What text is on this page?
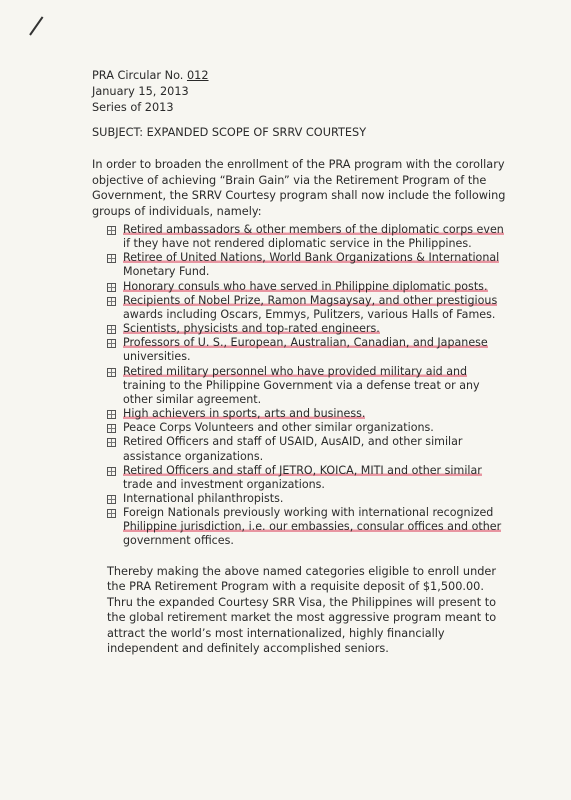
PRA Circular No. 012
January 15, 2013
Series of 2013
SUBJECT: EXPANDED SCOPE OF SRRV COURTESY
In order to broaden the enrollment of the PRA program with the corollary
objective of achieving “Brain Gain” via the Retirement Program of the
Government, the SRRV Courtesy program shall now include the following
groups of individuals, namely:
Retired ambassadors & other members of the diplomatic corps even
if they have not rendered diplomatic service in the Philippines.
Retiree of United Nations, World Bank Organizations & International
Monetary Fund.
Honorary consuls who have served in Philippine diplomatic posts.
Recipients of Nobel Prize, Ramon Magsaysay, and other prestigious
awards including Oscars, Emmys, Pulitzers, various Halls of Fames.
Scientists, physicists and top-rated engineers.
Professors of U. S., European, Australian, Canadian, and Japanese
universities.
Retired military personnel who have provided military aid and
training to the Philippine Government via a defense treat or any
other similar agreement.
High achievers in sports, arts and business.
Peace Corps Volunteers and other similar organizations.
Retired Officers and staff of USAID, AusAID, and other similar
assistance organizations.
Retired Officers and staff of JETRO, KOICA, MITI and other similar
trade and investment organizations.
International philanthropists.
Foreign Nationals previously working with international recognized
Philippine jurisdiction, i.e. our embassies, consular offices and other
government offices.
Thereby making the above named categories eligible to enroll under
the PRA Retirement Program with a requisite deposit of $1,500.00.
Thru the expanded Courtesy SRR Visa, the Philippines will present to
the global retirement market the most aggressive program meant to
attract the world’s most internationalized, highly financially
independent and definitely accomplished seniors.
